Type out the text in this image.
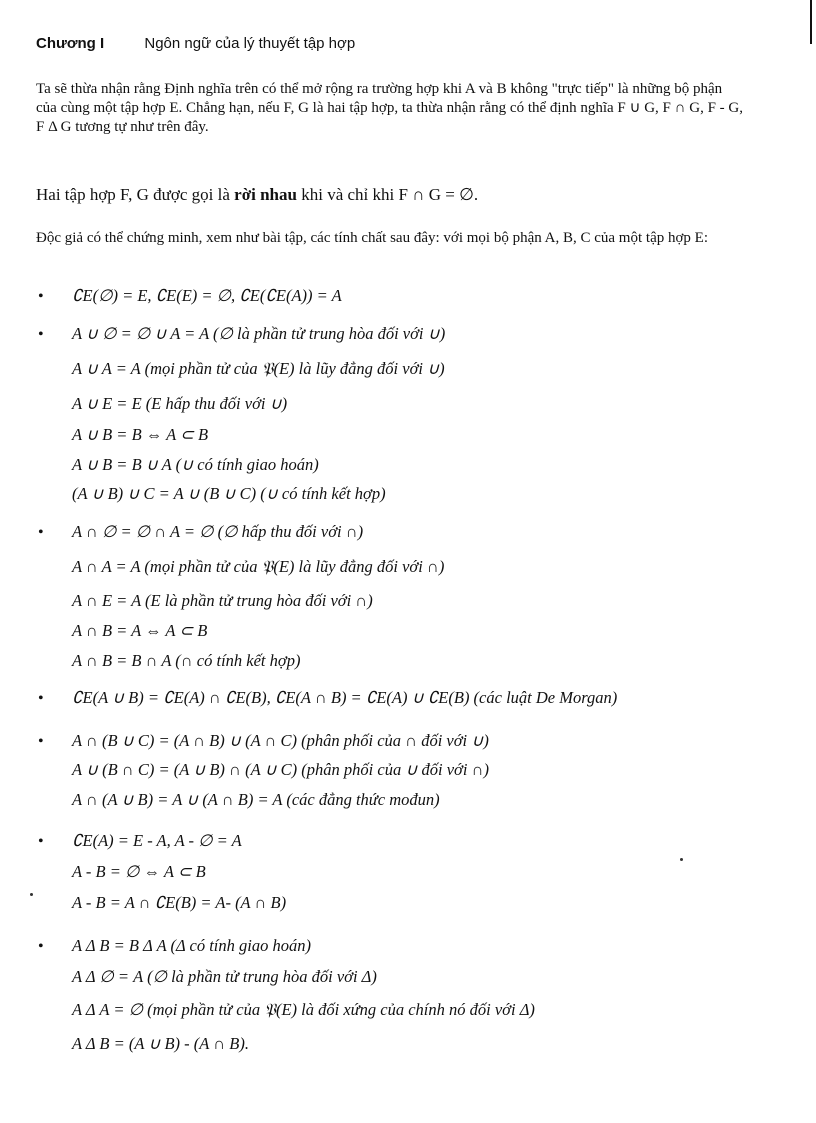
Chương I	Ngôn ngữ của lý thuyết tập hợp
Ta sẽ thừa nhận rằng Định nghĩa trên có thể mở rộng ra trường hợp khi A và B không "trực tiếp" là những bộ phận của cùng một tập hợp E. Chẳng hạn, nếu F, G là hai tập hợp, ta thừa nhận rằng có thể định nghĩa F ∪ G, F ∩ G, F - G, F Δ G tương tự như trên đây.
Hai tập hợp F, G được gọi là rời nhau khi và chỉ khi F ∩ G = ∅.
Độc giả có thể chứng minh, xem như bài tập, các tính chất sau đây: với mọi bộ phận A, B, C của một tập hợp E:
•
•
•
•
•
•
•
∁E(∅) = E, ∁E(E) = ∅, ∁E(∁E(A)) = A
A ∪ ∅ = ∅ ∪ A = A (∅ là phần tử trung hòa đối với ∪)
A ∪ A = A (mọi phần tử của 𝔓(E) là lũy đẳng đối với ∪)
A ∪ E = E (E hấp thu đối với ∪)
A ∪ B = B ⇔ A ⊂ B
A ∪ B = B ∪ A (∪ có tính giao hoán)
(A ∪ B) ∪ C = A ∪ (B ∪ C) (∪ có tính kết hợp)
A ∩ ∅ = ∅ ∩ A = ∅ (∅ hấp thu đối với ∩)
A ∩ A = A (mọi phần tử của 𝔓(E) là lũy đẳng đối với ∩)
A ∩ E = A (E là phần tử trung hòa đối với ∩)
A ∩ B = A ⇔ A ⊂ B
A ∩ B = B ∩ A (∩ có tính kết hợp)
∁E(A ∪ B) = ∁E(A) ∩ ∁E(B), ∁E(A ∩ B) = ∁E(A) ∪ ∁E(B) (các luật De Morgan)
A ∩ (B ∪ C) = (A ∩ B) ∪ (A ∩ C) (phân phối của ∩ đối với ∪)
A ∪ (B ∩ C) = (A ∪ B) ∩ (A ∪ C) (phân phối của ∪ đối với ∩)
A ∩ (A ∪ B) = A ∪ (A ∩ B) = A (các đẳng thức mođun)
∁E(A) = E - A, A - ∅ = A
A - B = ∅ ⇔ A ⊂ B
A - B = A ∩ ∁E(B) = A- (A ∩ B)
A Δ B = B Δ A (Δ có tính giao hoán)
A Δ ∅ = A (∅ là phần tử trung hòa đối với Δ)
A Δ A = ∅ (mọi phần tử của 𝔓(E) là đối xứng của chính nó đối với Δ)
A Δ B = (A ∪ B) - (A ∩ B).
